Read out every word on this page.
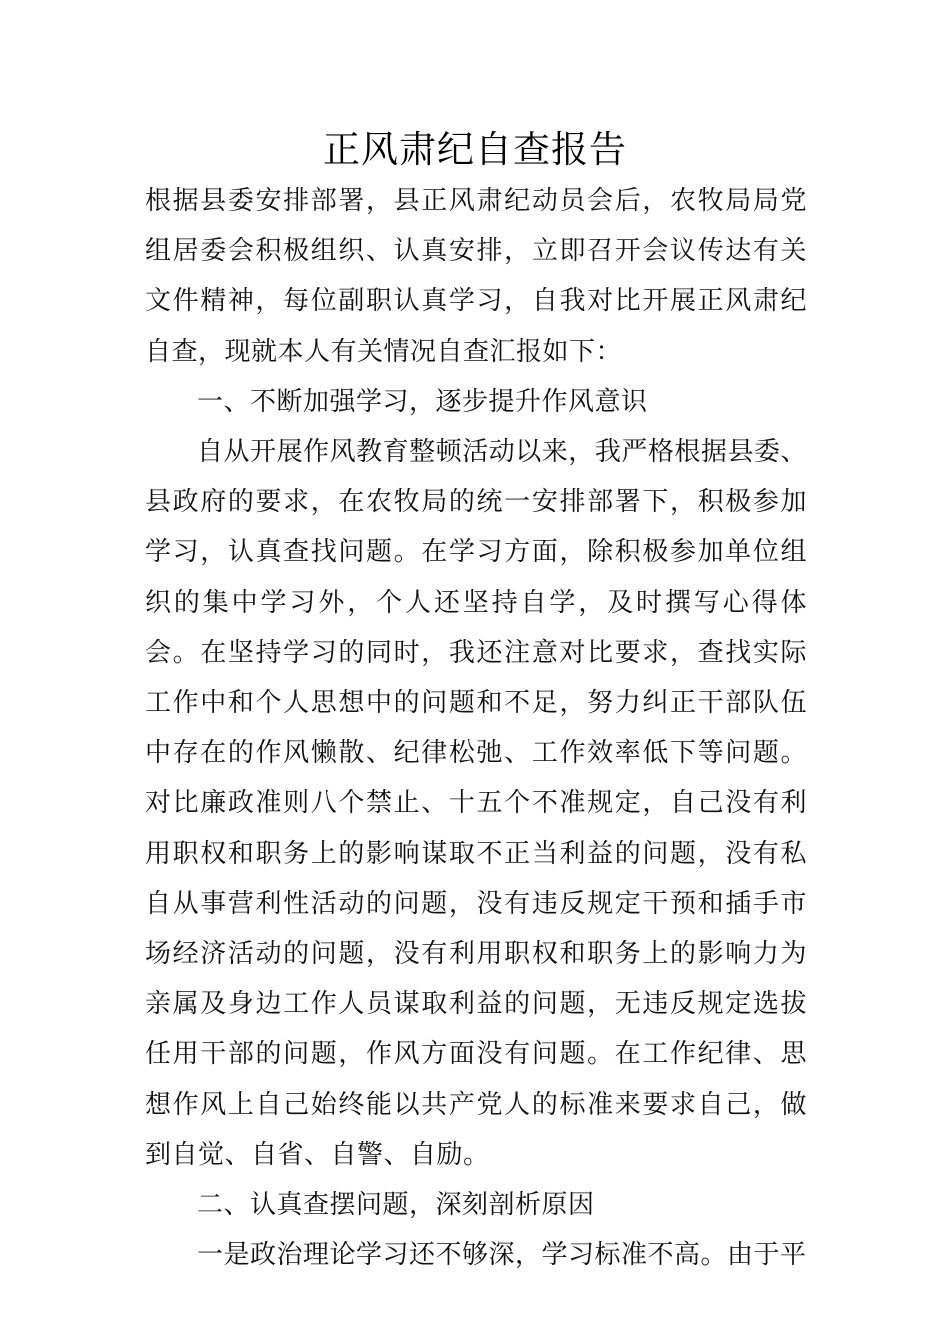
正风肃纪自查报告

根据县委安排部署，县正风肃纪动员会后，农牧局局党组居委会积极组织、认真安排，立即召开会议传达有关文件精神，每位副职认真学习，自我对比开展正风肃纪自查，现就本人有关情况自查汇报如下：

一、不断加强学习，逐步提升作风意识

自从开展作风教育整顿活动以来，我严格根据县委、县政府的要求，在农牧局的统一安排部署下，积极参加学习，认真查找问题。在学习方面，除积极参加单位组织的集中学习外，个人还坚持自学，及时撰写心得体会。在坚持学习的同时，我还注意对比要求，查找实际工作中和个人思想中的问题和不足，努力纠正干部队伍中存在的作风懒散、纪律松弛、工作效率低下等问题。对比廉政准则八个禁止、十五个不准规定，自己没有利用职权和职务上的影响谋取不正当利益的问题，没有私自从事营利性活动的问题，没有违反规定干预和插手市场经济活动的问题，没有利用职权和职务上的影响力为亲属及身边工作人员谋取利益的问题，无违反规定选拔任用干部的问题，作风方面没有问题。在工作纪律、思想作风上自己始终能以共产党人的标准来要求自己，做到自觉、自省、自警、自励。

二、认真查摆问题，深刻剖析原因

一是政治理论学习还不够深，学习标准不高。由于平
